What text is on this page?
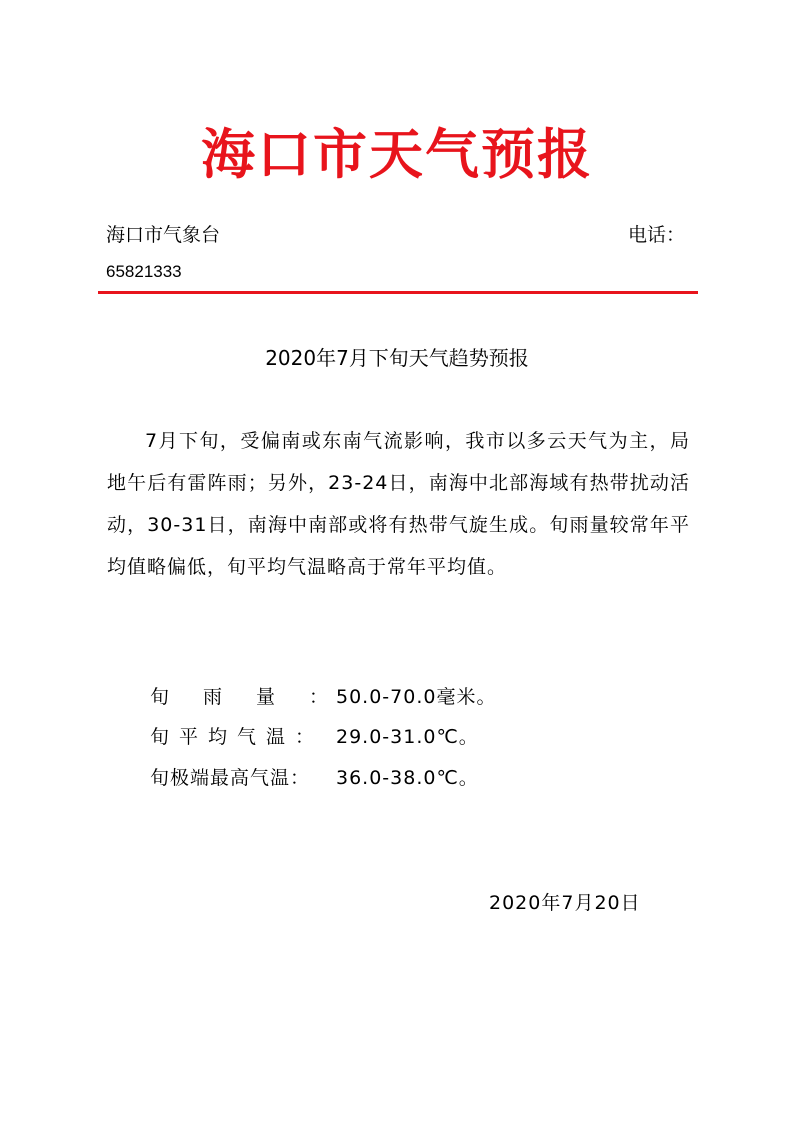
海口市天气预报
海口市气象台	电话：
65821333
2020年7月下旬天气趋势预报

7月下旬，受偏南或东南气流影响，我市以多云天气为主，局地午后有雷阵雨；另外，23-24日，南海中北部海域有热带扰动活动，30-31日，南海中南部或将有热带气旋生成。旬雨量较常年平均值略偏低，旬平均气温略高于常年平均值。

旬雨量：50.0-70.0毫米。
旬平均气温： 29.0-31.0℃。
旬极端最高气温： 36.0-38.0℃。
2020年7月20日
